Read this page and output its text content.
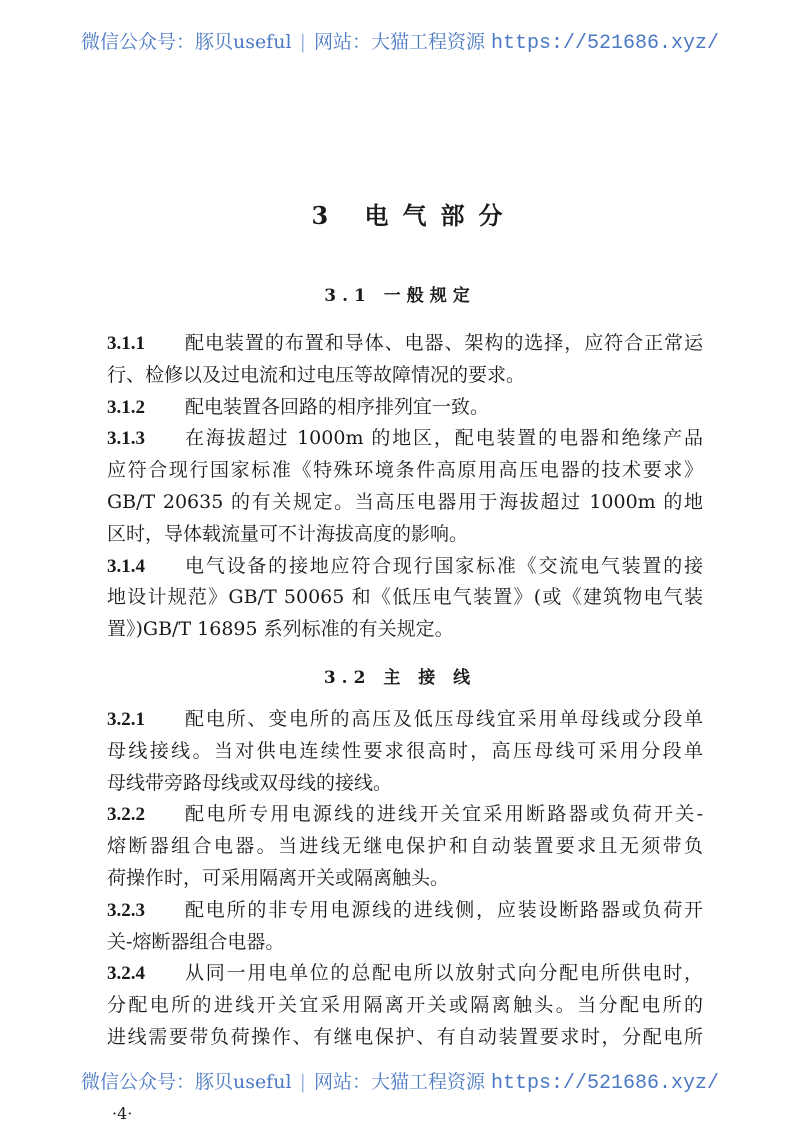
微信公众号：豚贝useful | 网站：大猫工程资源 https://521686.xyz/
3 电气部分
3.1 一般规定
3.1.1	配电装置的布置和导体、电器、架构的选择，应符合正常运
行、检修以及过电流和过电压等故障情况的要求。
3.1.2	配电装置各回路的相序排列宜一致。
3.1.3	在海拔超过 1000m 的地区，配电装置的电器和绝缘产品
应符合现行国家标准《特殊环境条件高原用高压电器的技术要求》
GB/T 20635 的有关规定。当高压电器用于海拔超过 1000m 的地
区时，导体载流量可不计海拔高度的影响。
3.1.4	电气设备的接地应符合现行国家标准《交流电气装置的接
地设计规范》GB/T 50065 和《低压电气装置》(或《建筑物电气装
置》)GB/T 16895 系列标准的有关规定。
3.2 主 接 线
3.2.1	配电所、变电所的高压及低压母线宜采用单母线或分段单
母线接线。当对供电连续性要求很高时，高压母线可采用分段单
母线带旁路母线或双母线的接线。
3.2.2	配电所专用电源线的进线开关宜采用断路器或负荷开关-
熔断器组合电器。当进线无继电保护和自动装置要求且无须带负
荷操作时，可采用隔离开关或隔离触头。
3.2.3	配电所的非专用电源线的进线侧，应装设断路器或负荷开
关-熔断器组合电器。
3.2.4	从同一用电单位的总配电所以放射式向分配电所供电时，
分配电所的进线开关宜采用隔离开关或隔离触头。当分配电所的
进线需要带负荷操作、有继电保护、有自动装置要求时，分配电所
微信公众号：豚贝useful | 网站：大猫工程资源 https://521686.xyz/
·4·
